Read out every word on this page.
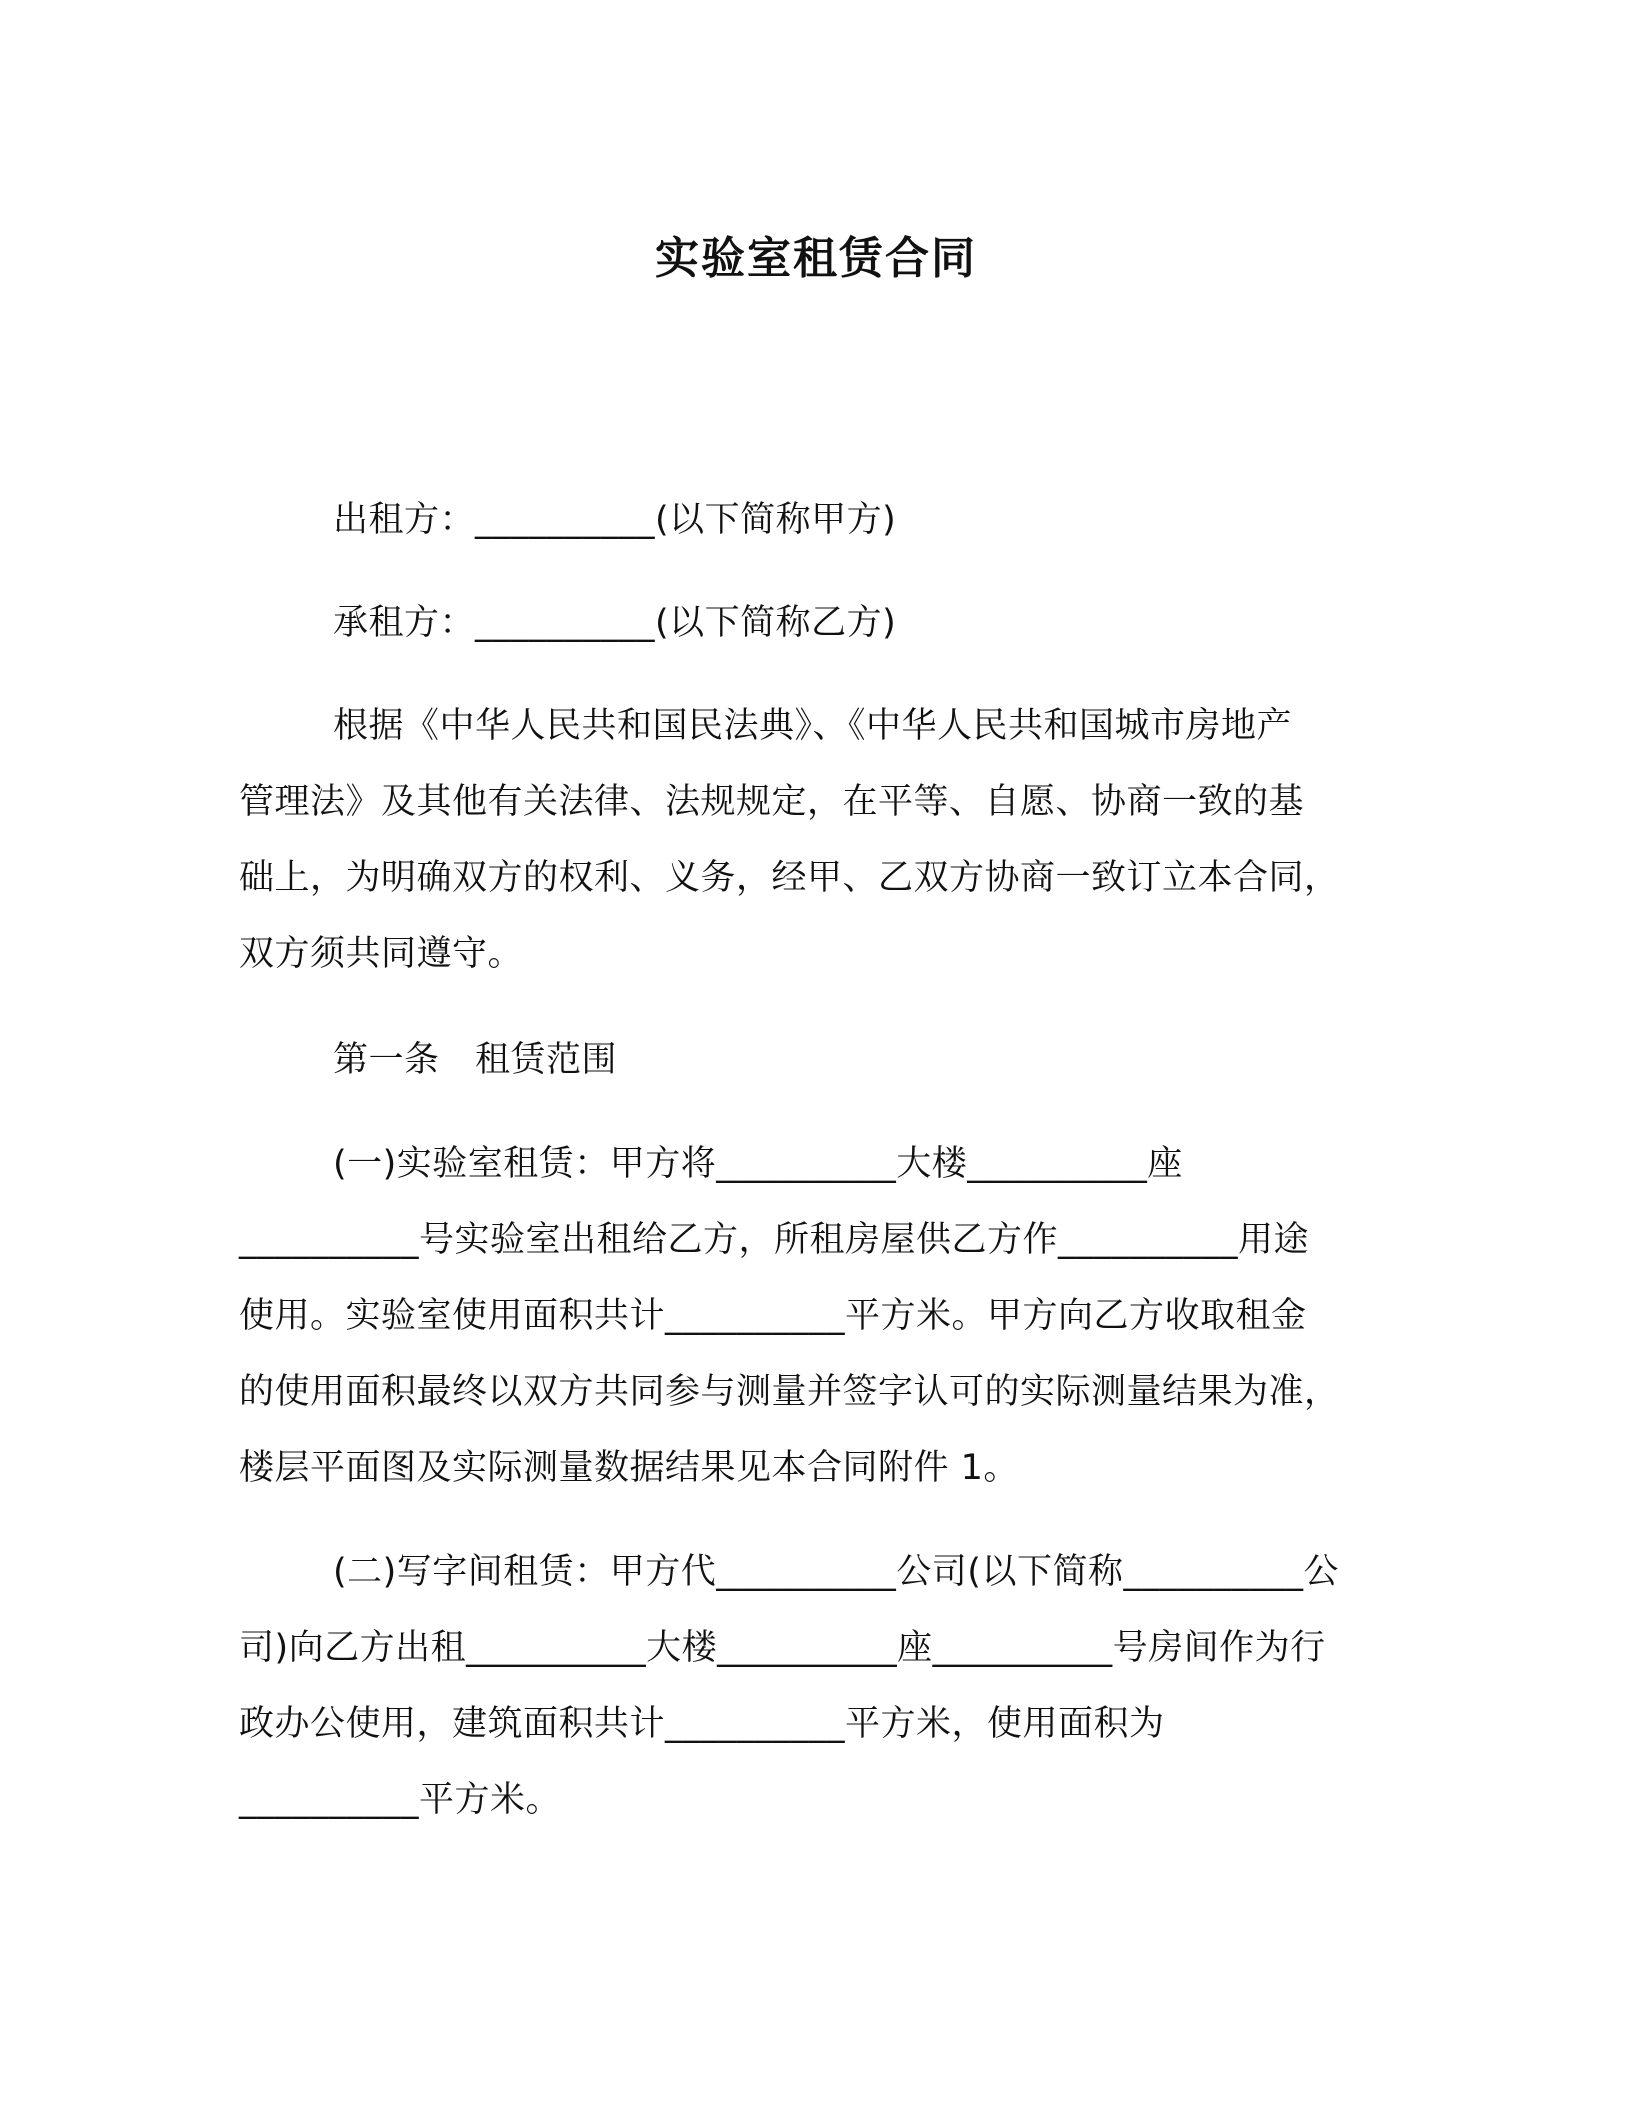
实验室租赁合同
出租方：__________(以下简称甲方)
承租方：__________(以下简称乙方)
根据《中华人民共和国民法典》、《中华人民共和国城市房地产
管理法》及其他有关法律、法规规定，在平等、自愿、协商一致的基
础上，为明确双方的权利、义务，经甲、乙双方协商一致订立本合同，
双方须共同遵守。
第一条　租赁范围
(一)实验室租赁：甲方将__________大楼__________座
__________号实验室出租给乙方，所租房屋供乙方作__________用途
使用。实验室使用面积共计__________平方米。甲方向乙方收取租金
的使用面积最终以双方共同参与测量并签字认可的实际测量结果为准，
楼层平面图及实际测量数据结果见本合同附件 1。
(二)写字间租赁：甲方代__________公司(以下简称__________公
司)向乙方出租__________大楼__________座__________号房间作为行
政办公使用，建筑面积共计__________平方米，使用面积为
__________平方米。
